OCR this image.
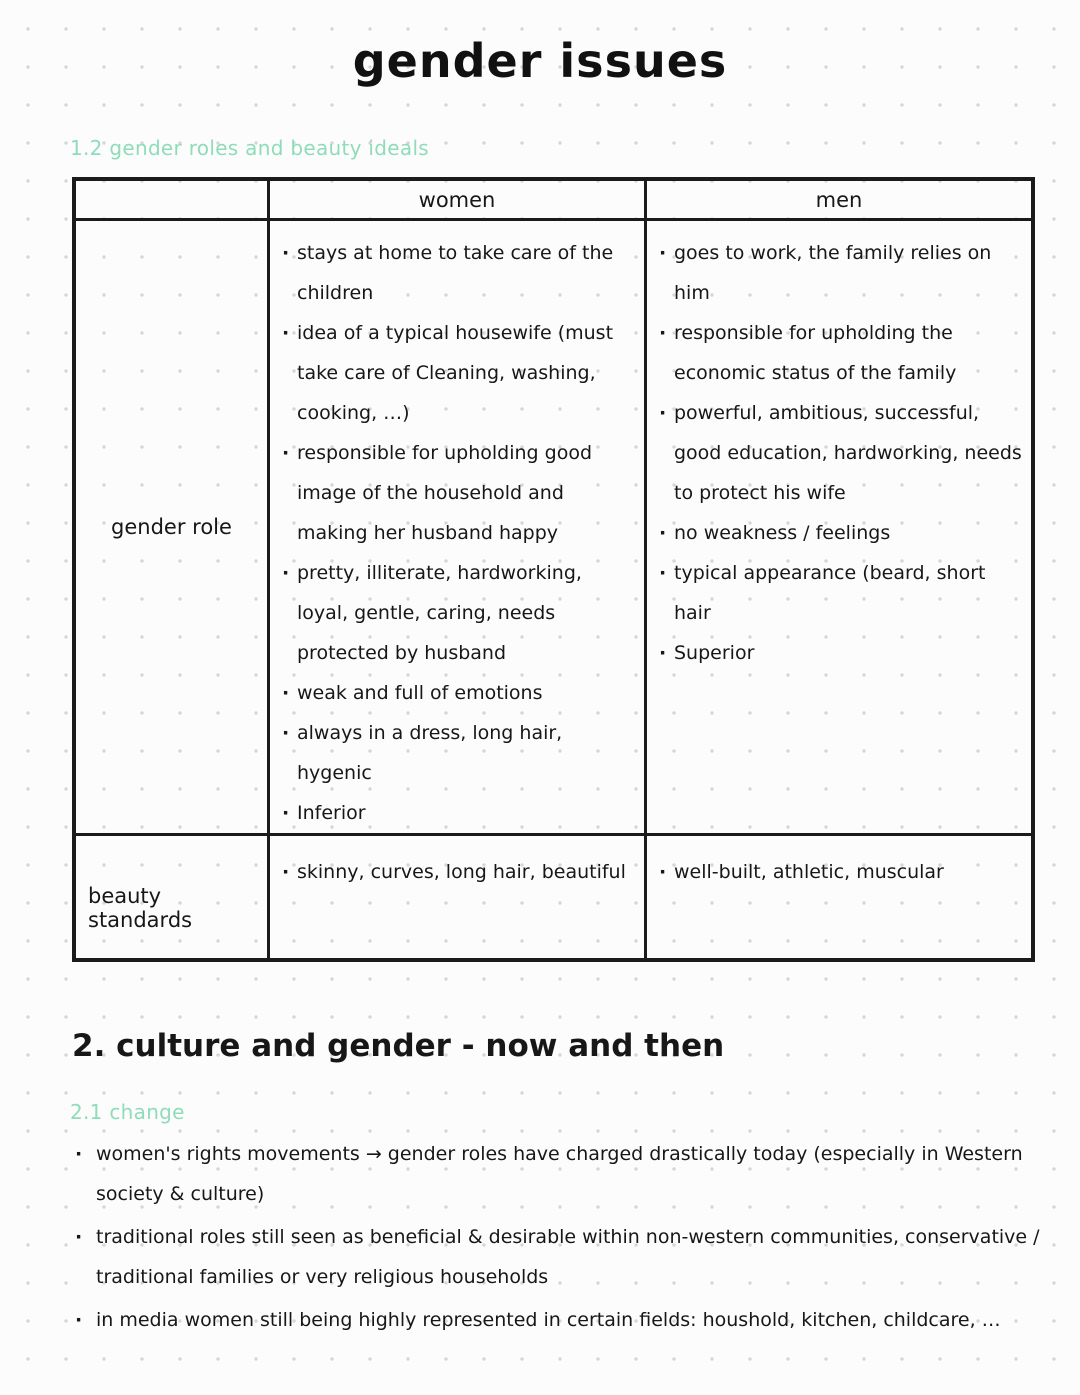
gender issues
1.2 gender roles and beauty ideals
women	men
gender role
· stays at home to take care of the children
· idea of a typical housewife (must take care of Cleaning, washing, cooking, …)
· responsible for upholding good image of the household and making her husband happy
· pretty, illiterate, hardworking, loyal, gentle, caring, needs protected by husband
· weak and full of emotions
· always in a dress, long hair, hygenic
· Inferior
· goes to work, the family relies on him
· responsible for upholding the economic status of the family
· powerful, ambitious, successful, good education, hardworking, needs to protect his wife
· no weakness / feelings
· typical appearance (beard, short hair
· Superior
beauty standards
· skinny, curves, long hair, beautiful	· well-built, athletic, muscular
2. culture and gender - now and then
2.1 change
· women's rights movements → gender roles have charged drastically today (especially in Western society & culture)
· traditional roles still seen as beneficial & desirable within non-western communities, conservative / traditional families or very religious households
· in media women still being highly represented in certain fields: houshold, kitchen, childcare, …
